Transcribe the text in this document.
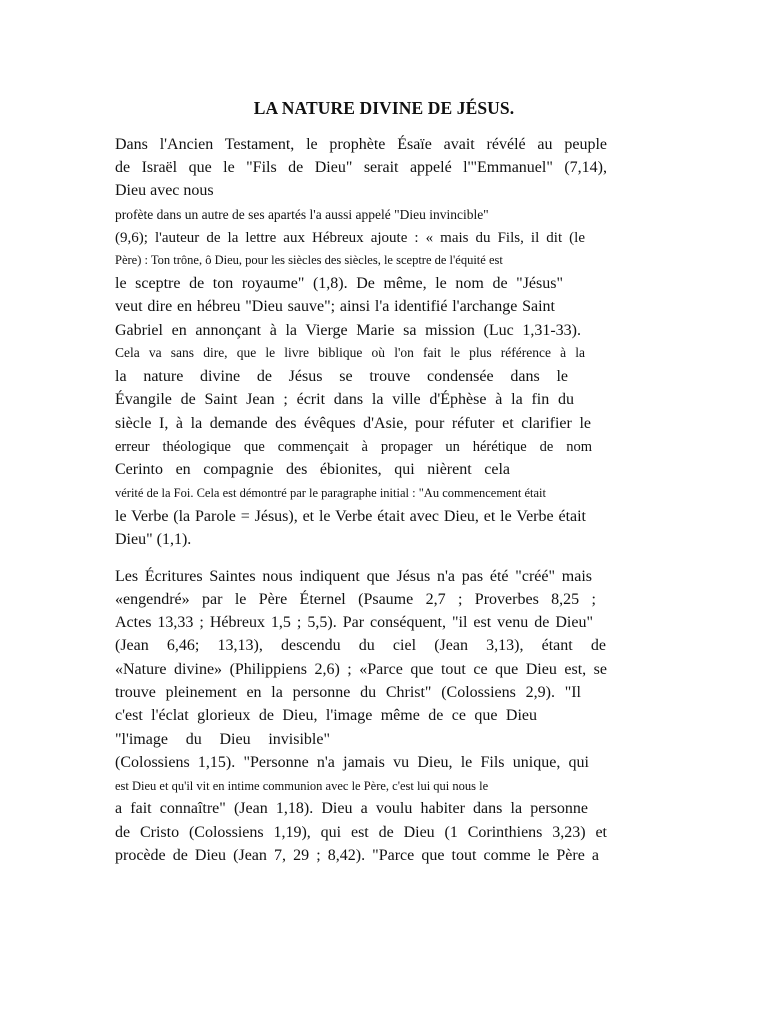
LA NATURE DIVINE DE JÉSUS.
Dans l'Ancien Testament, le prophète Ésaïe avait révélé au peuple
de Israël que le "Fils de Dieu" serait appelé l'"Emmanuel" (7,14),
Dieu avec nous
profète dans un autre de ses apartés l'a aussi appelé "Dieu invincible"
(9,6); l'auteur de la lettre aux Hébreux ajoute : « mais du Fils, il dit (le
Père) : Ton trône, ô Dieu, pour les siècles des siècles, le sceptre de l'équité est
le sceptre de ton royaume" (1,8). De même, le nom de "Jésus"
veut dire en hébreu "Dieu sauve"; ainsi l'a identifié l'archange Saint
Gabriel en annonçant à la Vierge Marie sa mission (Luc 1,31-33).
Cela va sans dire, que le livre biblique où l'on fait le plus référence à la
la nature divine de Jésus se trouve condensée dans le
Évangile de Saint Jean ; écrit dans la ville d'Éphèse à la fin du
siècle I, à la demande des évêques d'Asie, pour réfuter et clarifier le
erreur théologique que commençait à propager un hérétique de nom
Cerinto en compagnie des ébionites, qui nièrent cela
vérité de la Foi. Cela est démontré par le paragraphe initial : "Au commencement était
le Verbe (la Parole = Jésus), et le Verbe était avec Dieu, et le Verbe était
Dieu" (1,1).
Les Écritures Saintes nous indiquent que Jésus n'a pas été "créé" mais
«engendré» par le Père Éternel (Psaume 2,7 ; Proverbes 8,25 ;
Actes 13,33 ; Hébreux 1,5 ; 5,5). Par conséquent, "il est venu de Dieu"
(Jean 6,46; 13,13), descendu du ciel (Jean 3,13), étant de
«Nature divine» (Philippiens 2,6) ; «Parce que tout ce que Dieu est, se
trouve pleinement en la personne du Christ" (Colossiens 2,9). "Il
c'est l'éclat glorieux de Dieu, l'image même de ce que Dieu
"l'image du Dieu invisible"
(Colossiens 1,15). "Personne n'a jamais vu Dieu, le Fils unique, qui
est Dieu et qu'il vit en intime communion avec le Père, c'est lui qui nous le
a fait connaître" (Jean 1,18). Dieu a voulu habiter dans la personne
de Cristo (Colossiens 1,19), qui est de Dieu (1 Corinthiens 3,23) et
procède de Dieu (Jean 7, 29 ; 8,42). "Parce que tout comme le Père a
